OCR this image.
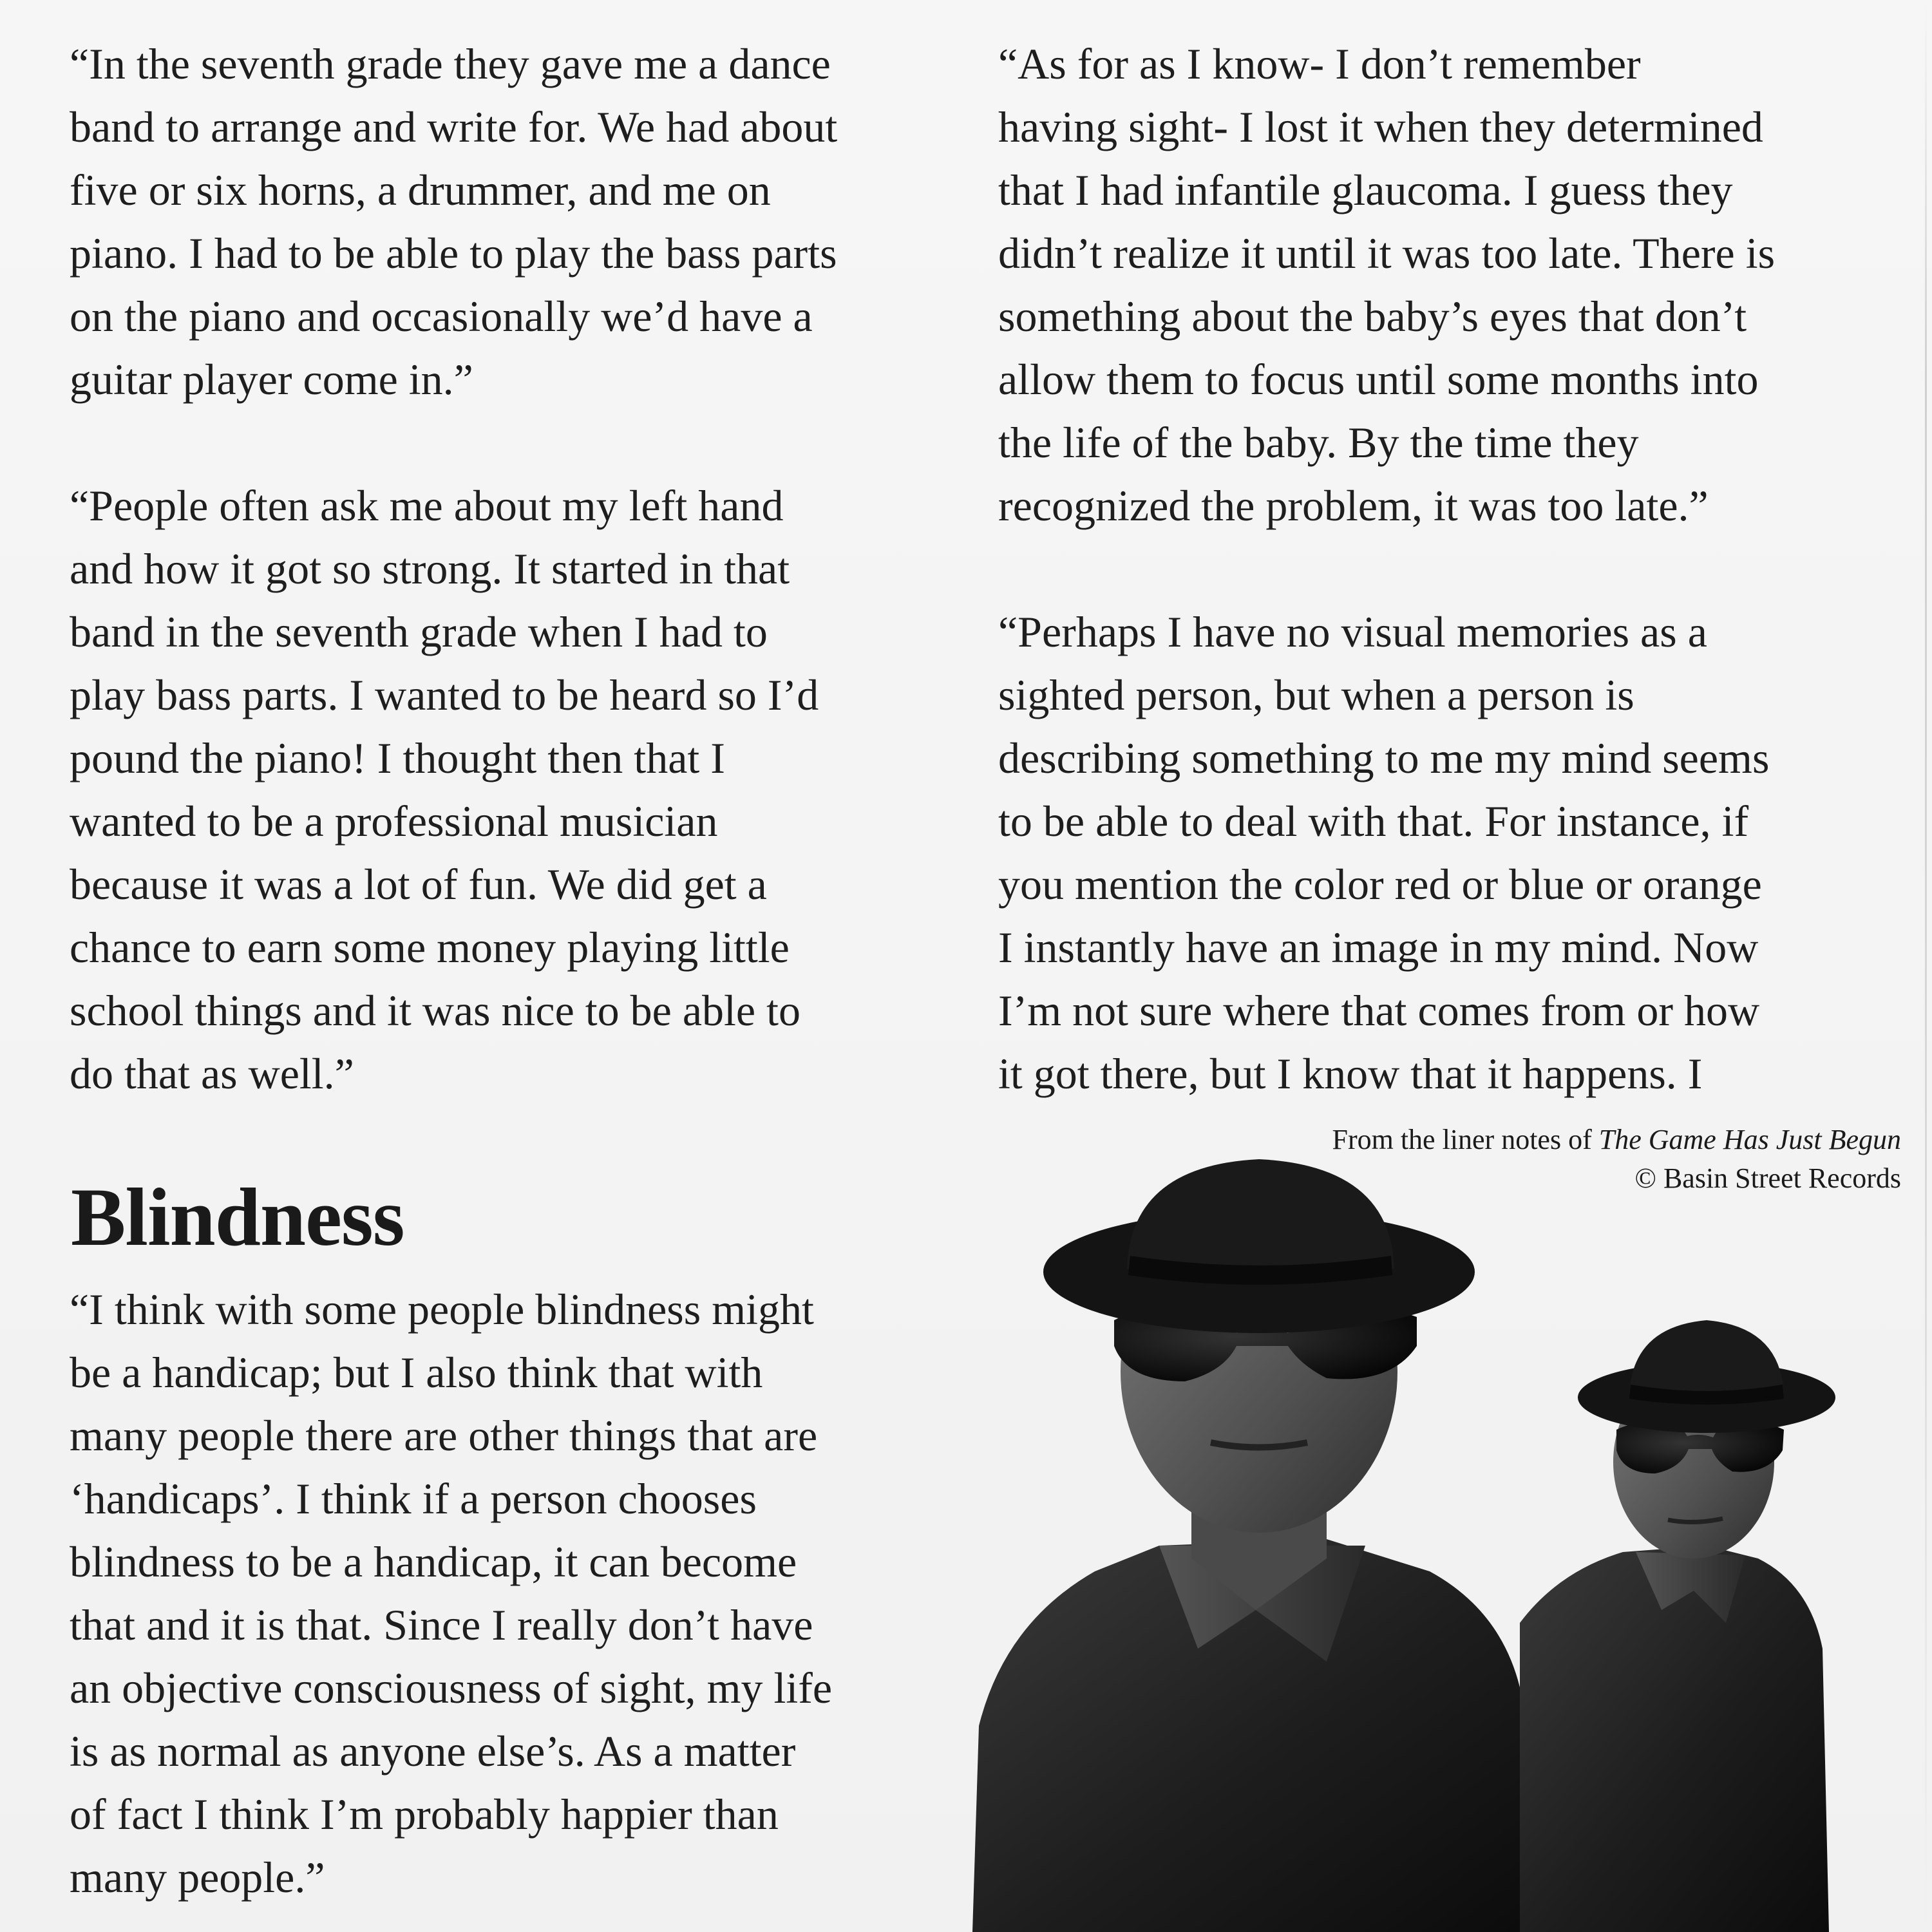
“In the seventh grade they gave me a dance

band to arrange and write for. We had about

five or six horns, a drummer, and me on

piano. I had to be able to play the bass parts

on the piano and occasionally we’d have a

guitar player come in.”

“People often ask me about my left hand

and how it got so strong. It started in that

band in the seventh grade when I had to

play bass parts. I wanted to be heard so I’d

pound the piano! I thought then that I

wanted to be a professional musician

because it was a lot of fun. We did get a

chance to earn some money playing little

school things and it was nice to be able to

do that as well.”

“As for as I know- I don’t remember

having sight- I lost it when they determined

that I had infantile glaucoma. I guess they

didn’t realize it until it was too late. There is

something about the baby’s eyes that don’t

allow them to focus until some months into

the life of the baby. By the time they

recognized the problem, it was too late.”

“Perhaps I have no visual memories as a

sighted person, but when a person is

describing something to me my mind seems

to be able to deal with that. For instance, if

you mention the color red or blue or orange

I instantly have an image in my mind. Now

I’m not sure where that comes from or how

it got there, but I know that it happens. I

From the liner notes of The Game Has Just Begun
© Basin Street Records
Blindness

“I think with some people blindness might

be a handicap; but I also think that with

many people there are other things that are

‘handicaps’. I think if a person chooses

blindness to be a handicap, it can become

that and it is that. Since I really don’t have

an objective consciousness of sight, my life

is as normal as anyone else’s. As a matter

of fact I think I’m probably happier than

many people.”
